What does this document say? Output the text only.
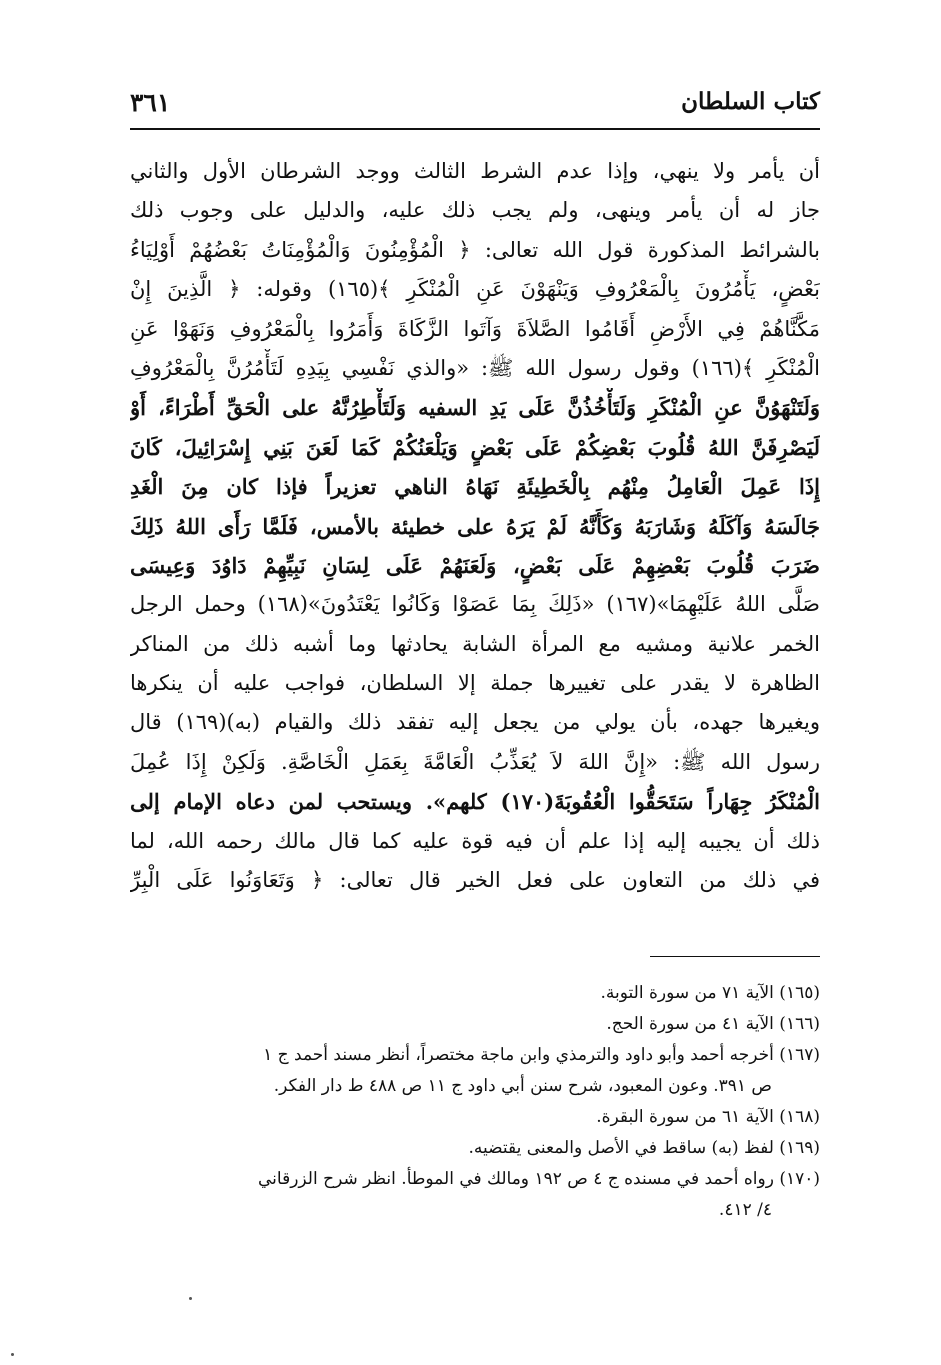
كتاب السلطان
٣٦١
أن يأمر ولا ينهي، وإذا عدم الشرط الثالث ووجد الشرطان الأول والثاني
جاز له أن يأمر وينهى، ولم يجب ذلك عليه، والدليل على وجوب ذلك
بالشرائط المذكورة قول الله تعالى: ﴿ الْمُؤْمِنُونَ وَالْمُؤْمِنَاتُ بَعْضُهُمْ أَوْلِيَاءُ
بَعْضٍ، يَأْمُرُونَ بِالْمَعْرُوفِ وَيَنْهَوْنَ عَنِ الْمُنْكَرِ ﴾(١٦٥) وقوله: ﴿ الَّذِينَ إِنْ
مَكَّنَّاهُمْ فِي الأَرْضِ أَقَامُوا الصَّلاَةَ وَآتَوا الزَّكَاةَ وَأَمَرُوا بِالْمَعْرُوفِ وَنَهَوْا عَنِ
الْمُنْكَرِ ﴾(١٦٦) وقول رسول الله ﷺ: «والذي نَفْسِي بِيَدِهِ لَتَأْمُرُنَّ بِالْمَعْرُوفِ
وَلَتَنْهَوُنَّ عنِ الْمُنْكَرِ وَلَتَأْخُذُنَّ عَلَى يَدِ السفيه وَلَتَأْطِرُنَّهُ على الْحَقِّ أَطْرَاءً، أَوْ
لَيَصْرِفَنَّ اللهُ قُلُوبَ بَعْضِكُمْ عَلَى بَعْضٍ وَيَلْعَنُكُمْ كَمَا لَعَنَ بَنِي إِسْرَائِيلَ، كَانَ
إِذَا عَمِلَ الْعَامِلُ مِنْهُم بِالْخَطِيئَةِ نَهَاهُ الناهي تعزيراً فإذا كان مِنَ الْغَدِ
جَالَسَهُ وَآكَلَهُ وَشَارَبَهُ وَكَأَنَّهُ لَمْ يَرَهُ على خطيئة بالأمس، فَلَمَّا رَأَى اللهُ ذَلِكَ
ضَرَبَ قُلُوبَ بَعْضِهِمْ عَلَى بَعْضٍ، وَلَعَنَهُمْ عَلَى لِسَانِ نَبِيِّهِمْ دَاوُدَ وَعِيسَى
صَلَّى اللهُ عَلَيْهِمَا»(١٦٧) «ذَلِكَ بِمَا عَصَوْا وَكَانُوا يَعْتَدُونَ»(١٦٨) وحمل الرجل
الخمر علانية ومشيه مع المرأة الشابة يحادثها وما أشبه ذلك من المناكر
الظاهرة لا يقدر على تغييرها جملة إلا السلطان، فواجب عليه أن ينكرها
ويغيرها جهده، بأن يولي من يجعل إليه تفقد ذلك والقيام (به)(١٦٩) قال
رسول الله ﷺ: «إِنَّ اللهَ لاَ يُعَذِّبُ الْعَامَّةَ بِعَمَلِ الْخَاصَّةِ. وَلَكِنْ إِذَا عُمِلَ
الْمُنْكَرُ جِهَاراً سَتَحَقُّوا الْعُقُوبَةَ(١٧٠) كلهم». ويستحب لمن دعاه الإمام إلى
ذلك أن يجيبه إليه إذا علم أن فيه قوة عليه كما قال مالك رحمه الله، لما
في ذلك من التعاون على فعل الخير قال تعالى: ﴿ وَتَعَاوَنُوا عَلَى الْبِرِّ
(١٦٥) الآية ٧١ من سورة التوبة.
(١٦٦) الآية ٤١ من سورة الحج.
(١٦٧) أخرجه أحمد وأبو داود والترمذي وابن ماجة مختصراً، أنظر مسند أحمد ج ١
ص ٣٩١. وعون المعبود، شرح سنن أبي داود ج ١١ ص ٤٨٨ ط دار الفكر.
(١٦٨) الآية ٦١ من سورة البقرة.
(١٦٩) لفظ (به) ساقط في الأصل والمعنى يقتضيه.
(١٧٠) رواه أحمد في مسنده ج ٤ ص ١٩٢ ومالك في الموطأ. انظر شرح الزرقاني
٤/ ٤١٢.
